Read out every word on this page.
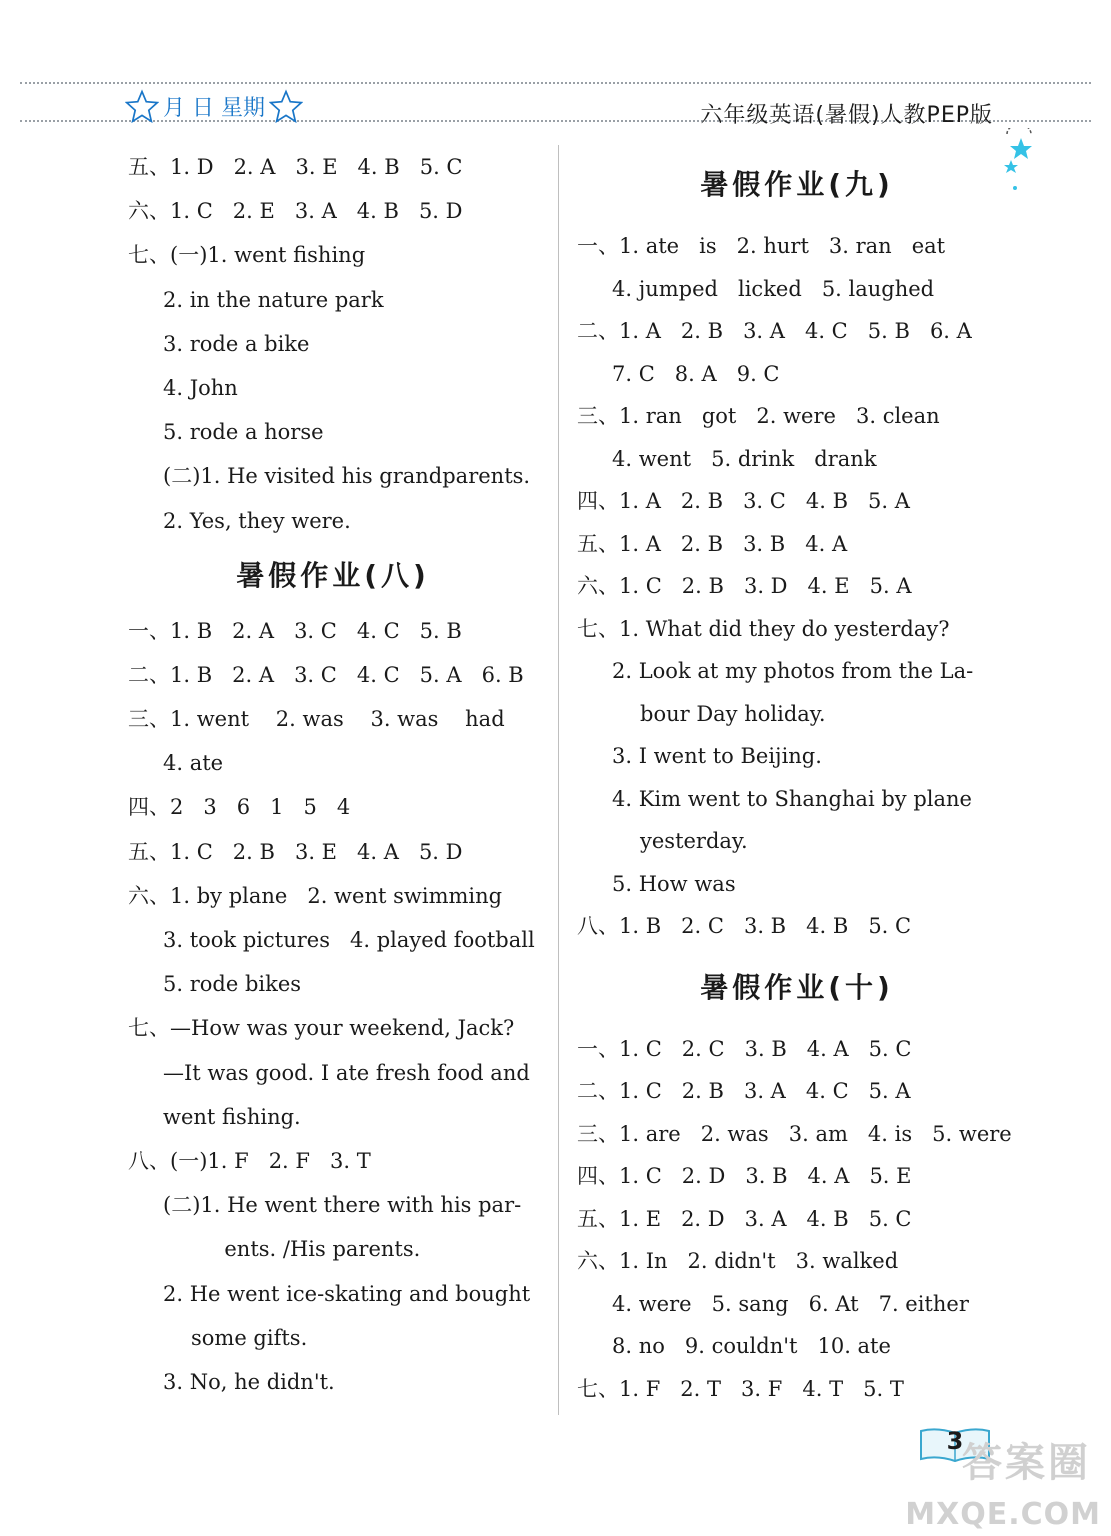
月 日 星期	六年级英语(暑假)人教PEP版
五、1. D   2. A   3. E   4. B   5. C
六、1. C   2. E   3. A   4. B   5. D
七、(一)1. went fishing
2. in the nature park
3. rode a bike
4. John
5. rode a horse
(二)1. He visited his grandparents.
2. Yes, they were.
暑假作业(八)
一、1. B   2. A   3. C   4. C   5. B
二、1. B   2. A   3. C   4. C   5. A   6. B
三、1. went    2. was    3. was    had
4. ate
四、2   3   6   1   5   4
五、1. C   2. B   3. E   4. A   5. D
六、1. by plane   2. went swimming
3. took pictures   4. played football
5. rode bikes
七、—How was your weekend, Jack?
—It was good. I ate fresh food and
went fishing.
八、(一)1. F   2. F   3. T
(二)1. He went there with his par-
ents. /His parents.
2. He went ice-skating and bought
some gifts.
3. No, he didn't.
暑假作业(九)
一、1. ate   is   2. hurt   3. ran   eat
4. jumped   licked   5. laughed
二、1. A   2. B   3. A   4. C   5. B   6. A
7. C   8. A   9. C
三、1. ran   got   2. were   3. clean
4. went   5. drink   drank
四、1. A   2. B   3. C   4. B   5. A
五、1. A   2. B   3. B   4. A
六、1. C   2. B   3. D   4. E   5. A
七、1. What did they do yesterday?
2. Look at my photos from the La-
bour Day holiday.
3. I went to Beijing.
4. Kim went to Shanghai by plane
yesterday.
5. How was
八、1. B   2. C   3. B   4. B   5. C
暑假作业(十)
一、1. C   2. C   3. B   4. A   5. C
二、1. C   2. B   3. A   4. C   5. A
三、1. are   2. was   3. am   4. is   5. were
四、1. C   2. D   3. B   4. A   5. E
五、1. E   2. D   3. A   4. B   5. C
六、1. In   2. didn't   3. walked
4. were   5. sang   6. At   7. either
8. no   9. couldn't   10. ate
七、1. F   2. T   3. F   4. T   5. T
3
答案圈
MXQE.COM
